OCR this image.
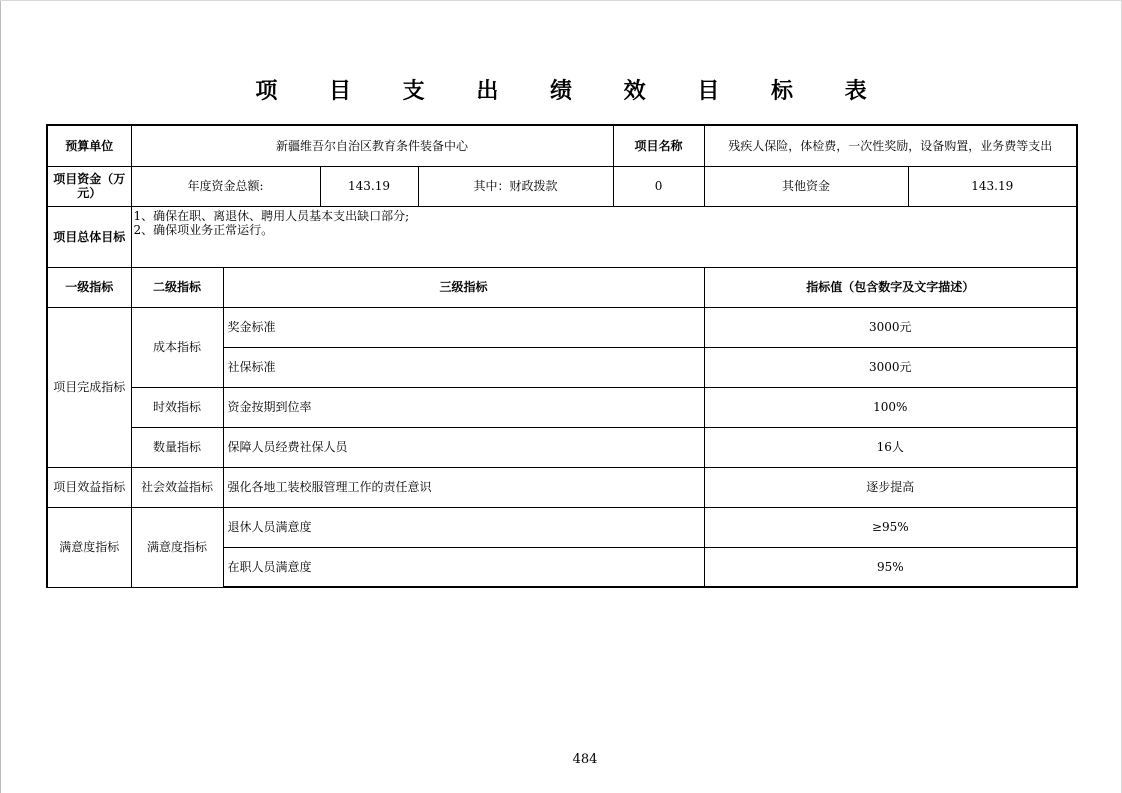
项 目 支 出 绩 效 目 标 表
预算单位	新疆维吾尔自治区教育条件装备中心				项目名称	残疾人保险，体检费，一次性奖励，设备购置，业务费等支出	
项目资金（万元）	年度资金总额:		143.19	其中：财政拨款	0	其他资金	143.19
项目总体目标	1、确保在职、离退休、聘用人员基本支出缺口部分;
2、确保项业务正常运行。						

一级指标	二级指标	三级指标				指标值（包含数字及文字描述）	
项目完成指标	成本指标	奖金标准				3000元	
		社保标准				3000元	
	时效指标	资金按期到位率				100%	
	数量指标	保障人员经费社保人员				16人	
项目效益指标	社会效益指标	强化各地工装校服管理工作的责任意识				逐步提高	
满意度指标	满意度指标	退休人员满意度				≥95%	
		在职人员满意度				95%	
484
